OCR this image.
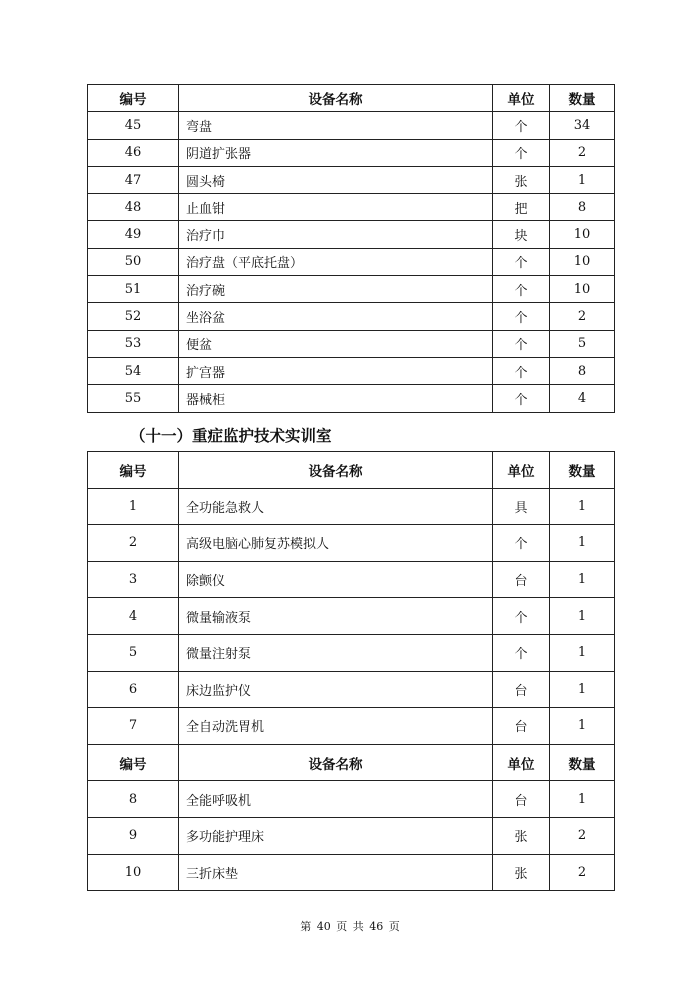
编号	设备名称	单位	数量
45	弯盘	个	34
46	阴道扩张器	个	2
47	圆头椅	张	1
48	止血钳	把	8
49	治疗巾	块	10
50	治疗盘（平底托盘）	个	10
51	治疗碗	个	10
52	坐浴盆	个	2
53	便盆	个	5
54	扩宫器	个	8
55	器械柜	个	4
（十一）重症监护技术实训室
编号	设备名称	单位	数量
1	全功能急救人	具	1
2	高级电脑心肺复苏模拟人	个	1
3	除颤仪	台	1
4	微量输液泵	个	1
5	微量注射泵	个	1
6	床边监护仪	台	1
7	全自动洗胃机	台	1
编号	设备名称	单位	数量
8	全能呼吸机	台	1
9	多功能护理床	张	2
10	三折床垫	张	2
第 40 页 共 46 页
